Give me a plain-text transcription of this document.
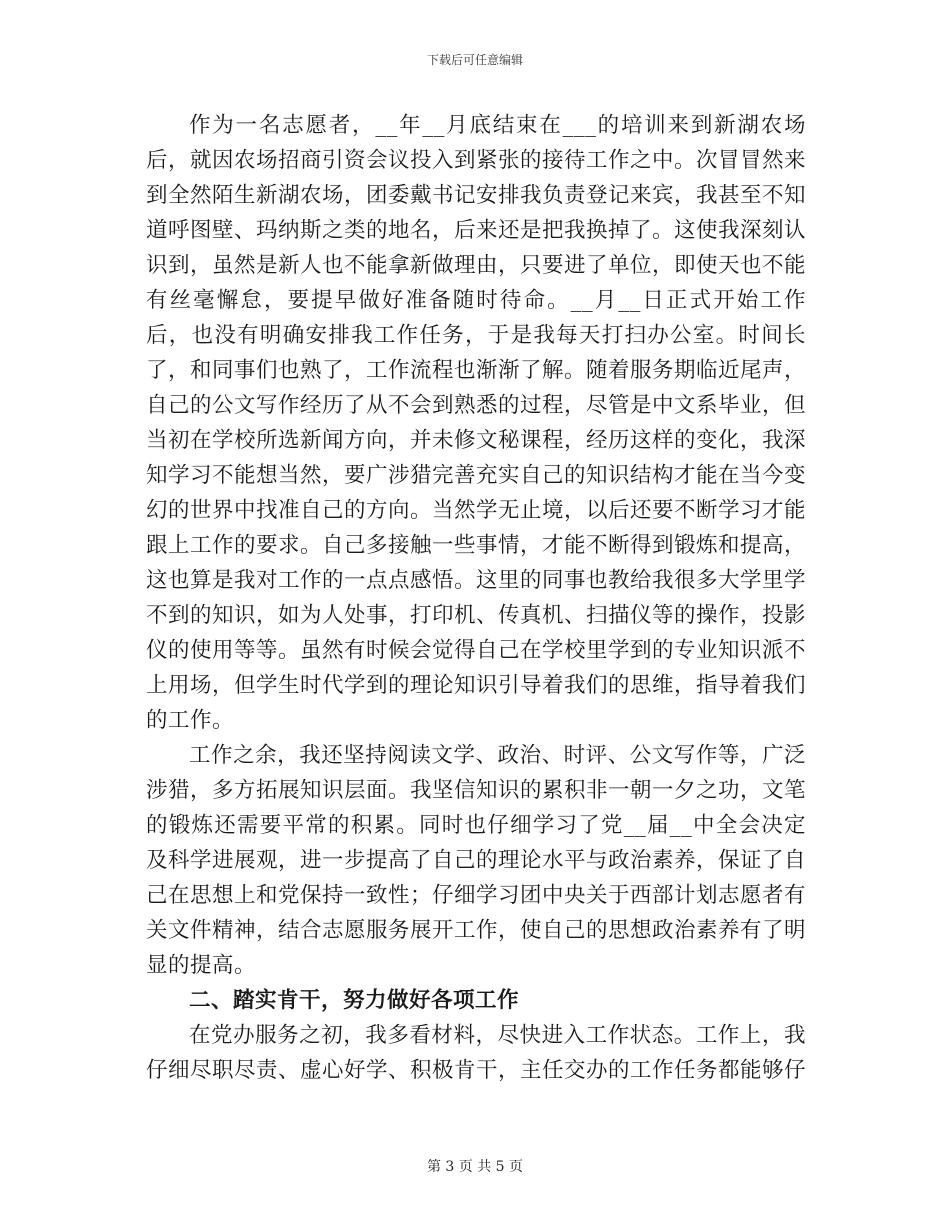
下载后可任意编辑

作为一名志愿者，__年__月底结束在___的培训来到新湖农场后，就因农场招商引资会议投入到紧张的接待工作之中。次冒冒然来到全然陌生新湖农场，团委戴书记安排我负责登记来宾，我甚至不知道呼图壁、玛纳斯之类的地名，后来还是把我换掉了。这使我深刻认识到，虽然是新人也不能拿新做理由，只要进了单位，即使天也不能有丝毫懈怠，要提早做好准备随时待命。__月__日正式开始工作后，也没有明确安排我工作任务，于是我每天打扫办公室。时间长了，和同事们也熟了，工作流程也渐渐了解。随着服务期临近尾声，自己的公文写作经历了从不会到熟悉的过程，尽管是中文系毕业，但当初在学校所选新闻方向，并未修文秘课程，经历这样的变化，我深知学习不能想当然，要广涉猎完善充实自己的知识结构才能在当今变幻的世界中找准自己的方向。当然学无止境，以后还要不断学习才能跟上工作的要求。自己多接触一些事情，才能不断得到锻炼和提高，这也算是我对工作的一点点感悟。这里的同事也教给我很多大学里学不到的知识，如为人处事，打印机、传真机、扫描仪等的操作，投影仪的使用等等。虽然有时候会觉得自己在学校里学到的专业知识派不上用场，但学生时代学到的理论知识引导着我们的思维，指导着我们的工作。

工作之余，我还坚持阅读文学、政治、时评、公文写作等，广泛涉猎，多方拓展知识层面。我坚信知识的累积非一朝一夕之功，文笔的锻炼还需要平常的积累。同时也仔细学习了党__届__中全会决定及科学进展观，进一步提高了自己的理论水平与政治素养，保证了自己在思想上和党保持一致性；仔细学习团中央关于西部计划志愿者有关文件精神，结合志愿服务展开工作，使自己的思想政治素养有了明显的提高。

二、踏实肯干，努力做好各项工作

在党办服务之初，我多看材料，尽快进入工作状态。工作上，我仔细尽职尽责、虚心好学、积极肯干，主任交办的工作任务都能够仔

第 3 页 共 5 页
